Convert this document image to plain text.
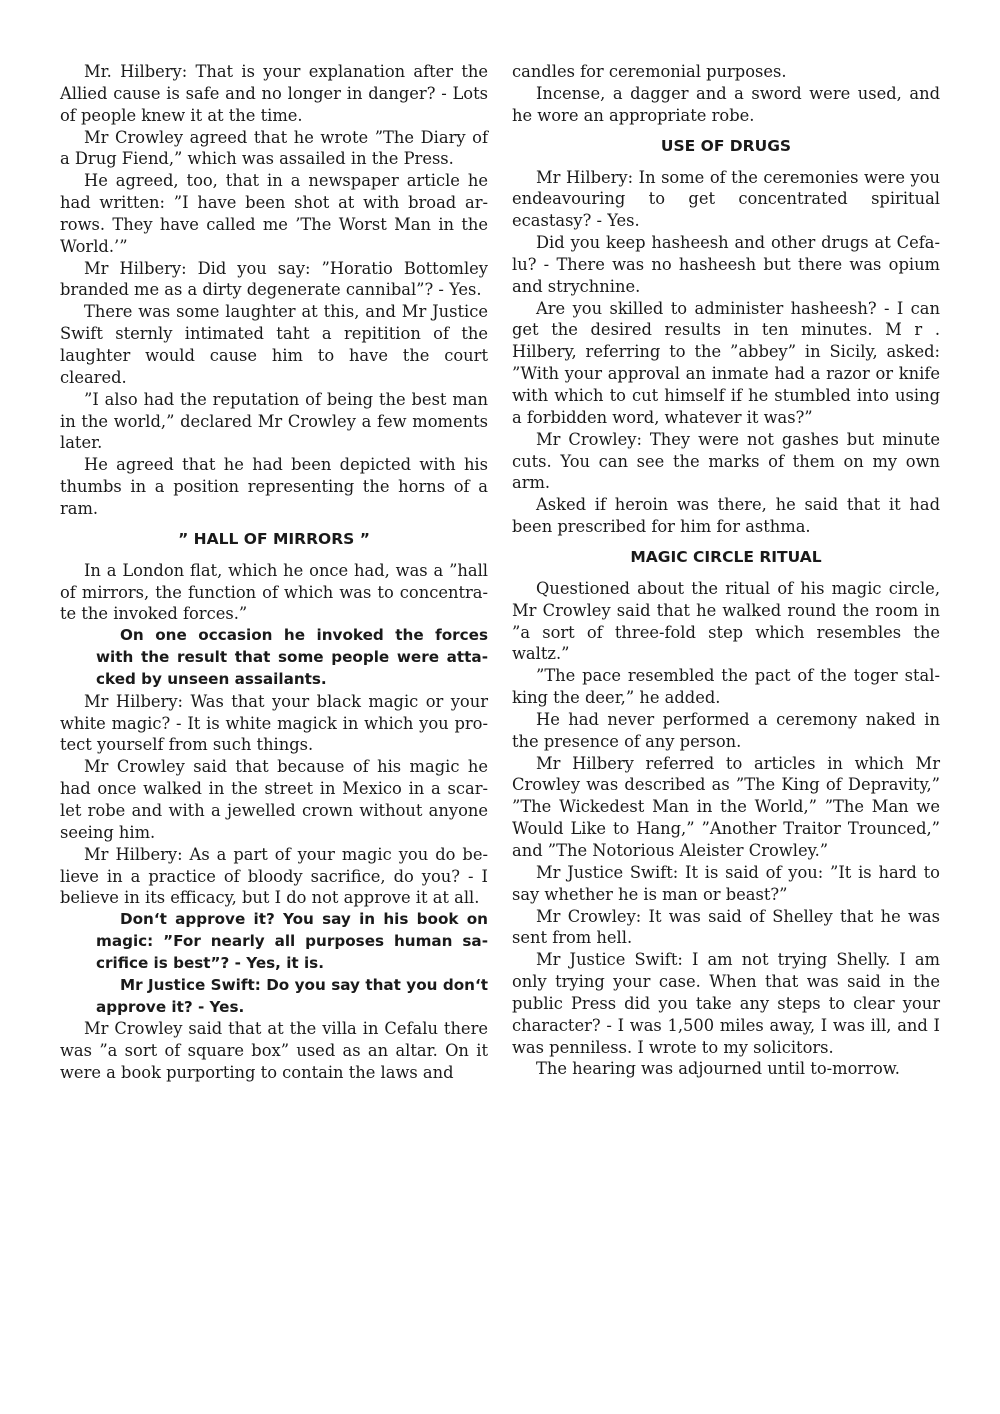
Mr. Hilbery: That is your explanation after the Allied cause is safe and no longer in danger? - Lots of people knew it at the time.

Mr Crowley agreed that he wrote ”The Diary of a Drug Fiend,” which was assailed in the Press.

He agreed, too, that in a newspaper article he had written: ”I have been shot at with broad arrows. They have called me ’The Worst Man in the World.’”

Mr Hilbery: Did you say: ”Horatio Bottomley branded me as a dirty degenerate cannibal”? - Yes.

There was some laughter at this, and Mr Justice Swift sternly intimated taht a repitition of the laughter would cause him to have the court cleared.

”I also had the reputation of being the best man in the world,” declared Mr Crowley a few moments later.

He agreed that he had been depicted with his thumbs in a position representing the horns of a ram.

” HALL OF MIRRORS ”

In a London flat, which he once had, was a ”hall of mirrors, the function of which was to concentrate the invoked forces.”

On one occasion he invoked the forces with the result that some people were attacked by unseen assailants.

Mr Hilbery: Was that your black magic or your white magic? - It is white magick in which you protect yourself from such things.

Mr Crowley said that because of his magic he had once walked in the street in Mexico in a scarlet robe and with a jewelled crown without anyone seeing him.

Mr Hilbery: As a part of your magic you do believe in a practice of bloody sacrifice, do you? - I believe in its efficacy, but I do not approve it at all.

Don‘t approve it? You say in his book on magic: ”For nearly all purposes human sacrifice is best”? - Yes, it is.

Mr Justice Swift: Do you say that you don‘t approve it? - Yes.

Mr Crowley said that at the villa in Cefalu there was ”a sort of square box” used as an altar. On it were a book purporting to contain the laws and

candles for ceremonial purposes.

Incense, a dagger and a sword were used, and he wore an appropriate robe.

USE OF DRUGS

Mr Hilbery: In some of the ceremonies were you endeavouring to get concentrated spiritual ecastasy? - Yes.

Did you keep hasheesh and other drugs at Cefalu? - There was no hasheesh but there was opium and strychnine.

Are you skilled to administer hasheesh? - I can get the desired results in ten minutes. M r . Hilbery, referring to the ”abbey” in Sicily, asked: ”With your approval an inmate had a razor or knife with which to cut himself if he stumbled into using a forbidden word, whatever it was?”

Mr Crowley: They were not gashes but minute cuts. You can see the marks of them on my own arm.

Asked if heroin was there, he said that it had been prescribed for him for asthma.

MAGIC CIRCLE RITUAL

Questioned about the ritual of his magic circle, Mr Crowley said that he walked round the room in ”a sort of three-fold step which resembles the waltz.”

”The pace resembled the pact of the toger stalking the deer,” he added.

He had never performed a ceremony naked in the presence of any person.

Mr Hilbery referred to articles in which Mr Crowley was described as ”The King of Depravity,” ”The Wickedest Man in the World,” ”The Man we Would Like to Hang,” ”Another Traitor Trounced,” and ”The Notorious Aleister Crowley.”

Mr Justice Swift: It is said of you: ”It is hard to say whether he is man or beast?”

Mr Crowley: It was said of Shelley that he was sent from hell.

Mr Justice Swift: I am not trying Shelly. I am only trying your case. When that was said in the public Press did you take any steps to clear your character? - I was 1,500 miles away, I was ill, and I was penniless. I wrote to my solicitors.

The hearing was adjourned until to-morrow.
